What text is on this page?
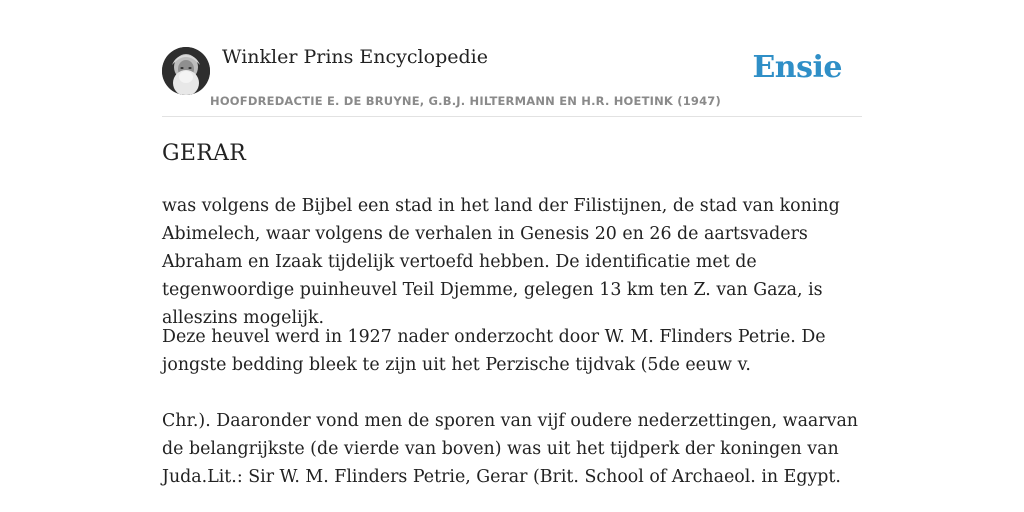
Winkler Prins Encyclopedie
HOOFDREDACTIE E. DE BRUYNE, G.B.J. HILTERMANN EN H.R. HOETINK (1947)
Ensie
GERAR

was volgens de Bijbel een stad in het land der Filistijnen, de stad van koning Abimelech, waar volgens de verhalen in Genesis 20 en 26 de aartsvaders Abraham en Izaak tijdelijk vertoefd hebben. De identificatie met de tegenwoordige puinheuvel Teil Djemme, gelegen 13 km ten Z. van Gaza, is alleszins mogelijk.

Deze heuvel werd in 1927 nader onderzocht door W. M. Flinders Petrie. De jongste bedding bleek te zijn uit het Perzische tijdvak (5de eeuw v.

Chr.). Daaronder vond men de sporen van vijf oudere nederzettingen, waarvan de belangrijkste (de vierde van boven) was uit het tijdperk der koningen van Juda.Lit.: Sir W. M. Flinders Petrie, Gerar (Brit. School of Archaeol. in Egypt.
